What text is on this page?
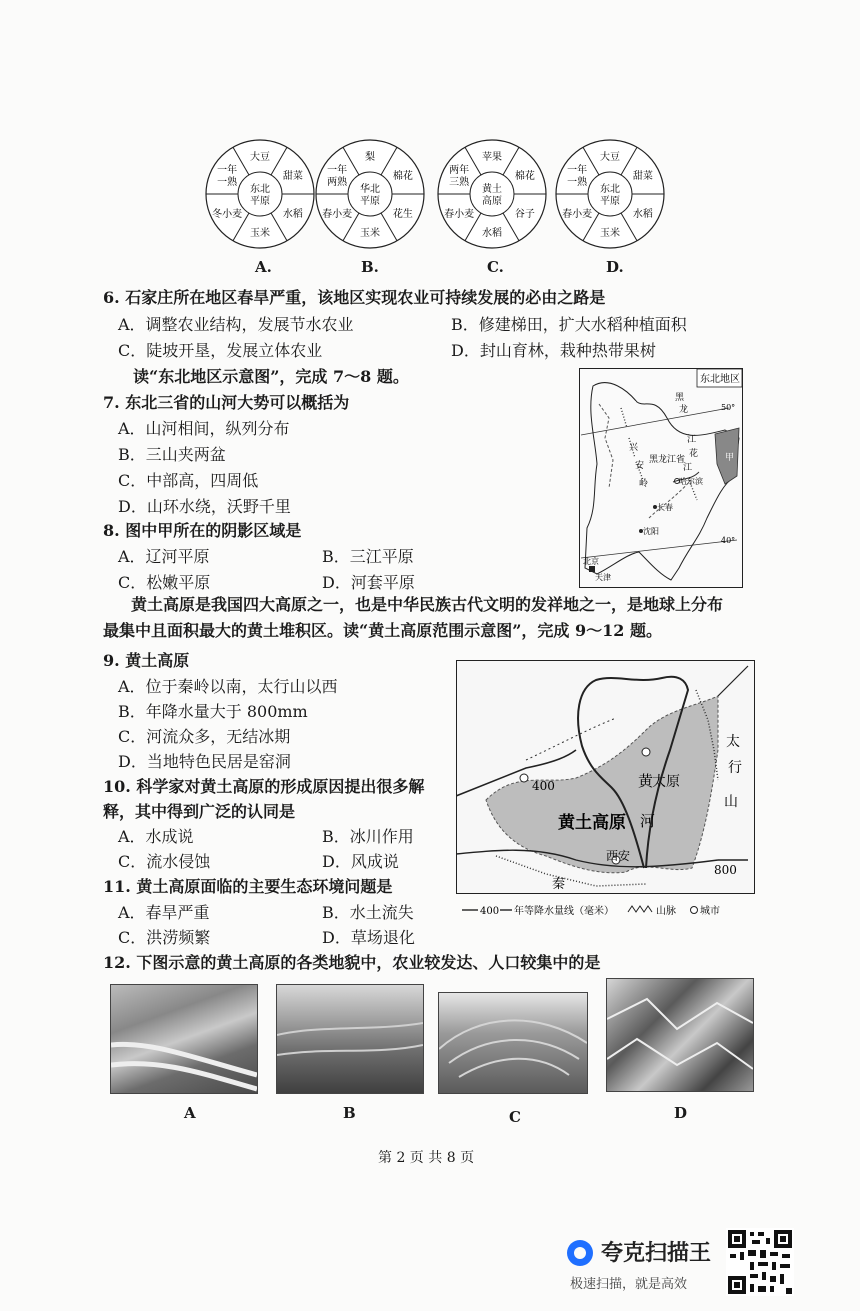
大豆
甜菜
水稻
玉米
冬小麦
一年
一熟
东北
平原
梨
棉花
花生
玉米
春小麦
一年
两熟
华北
平原
苹果
棉花
谷子
水稻
春小麦
两年
三熟
黄土
高原
大豆
甜菜
水稻
玉米
春小麦
一年
一熟
东北
平原
A.	B.	C.	D.
6. 石家庄所在地区春旱严重，该地区实现农业可持续发展的必由之路是
A．调整农业结构，发展节水农业	B．修建梯田，扩大水稻种植面积
C．陡坡开垦，发展立体农业	D．封山育林，栽种热带果树
读“东北地区示意图”，完成 7～8 题。
7. 东北三省的山河大势可以概括为
A．山河相间，纵列分布
B．三山夹两盆
C．中部高，四周低
D．山环水绕，沃野千里
8. 图中甲所在的阴影区域是
A．辽河平原	B．三江平原
C．松嫩平原	D．河套平原
东北地区
50°
40°
黑
龙
江
江
黑龙江省
花
哈尔滨
长春
沈阳
北京
天津
兴
安
岭
甲
黄土高原是我国四大高原之一，也是中华民族古代文明的发祥地之一，是地球上分布
最集中且面积最大的黄土堆积区。读“黄土高原范围示意图”，完成 9～12 题。
9. 黄土高原
A．位于秦岭以南，太行山以西
B．年降水量大于 800mm
C．河流众多，无结冰期
D．当地特色民居是窑洞
10. 科学家对黄土高原的形成原因提出很多解
释，其中得到广泛的认同是
A．水成说	B．冰川作用
C．流水侵蚀	D．风成说
11. 黄土高原面临的主要生态环境问题是
A．春旱严重	B．水土流失
C．洪涝频繁	D．草场退化
黄土高原
黄
河
太原
西安
太
行
山
秦
400
800
400 年等降水量线（毫米）	山脉 城市
12. 下图示意的黄土高原的各类地貌中，农业较发达、人口较集中的是
A	B	C	D
第 2 页 共 8 页
夸克扫描王
极速扫描，就是高效
